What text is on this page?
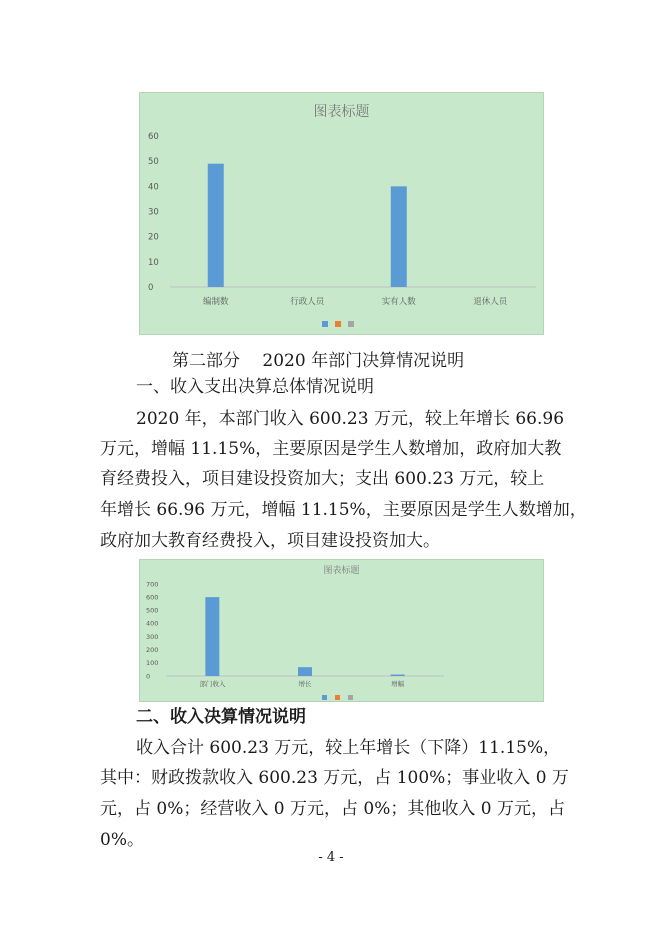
图表标题
0
10
20
30
40
50
60
编制数	行政人员	实有人数	退休人员
第二部分　 2020 年部门决算情况说明
一、收入支出决算总体情况说明
2020 年，本部门收入 600.23 万元，较上年增长 66.96
万元，增幅 11.15%，主要原因是学生人数增加，政府加大教
育经费投入，项目建设投资加大；支出 600.23 万元，较上
年增长 66.96 万元，增幅 11.15%，主要原因是学生人数增加，
政府加大教育经费投入，项目建设投资加大。
图表标题
0
100
200
300
400
500
600
700
部门收入	增长	增幅
二、收入决算情况说明
收入合计 600.23 万元，较上年增长（下降）11.15%，
其中：财政拨款收入 600.23 万元，占 100%；事业收入 0 万
元，占 0%；经营收入 0 万元，占 0%；其他收入 0 万元，占
0%。
- 4 -
